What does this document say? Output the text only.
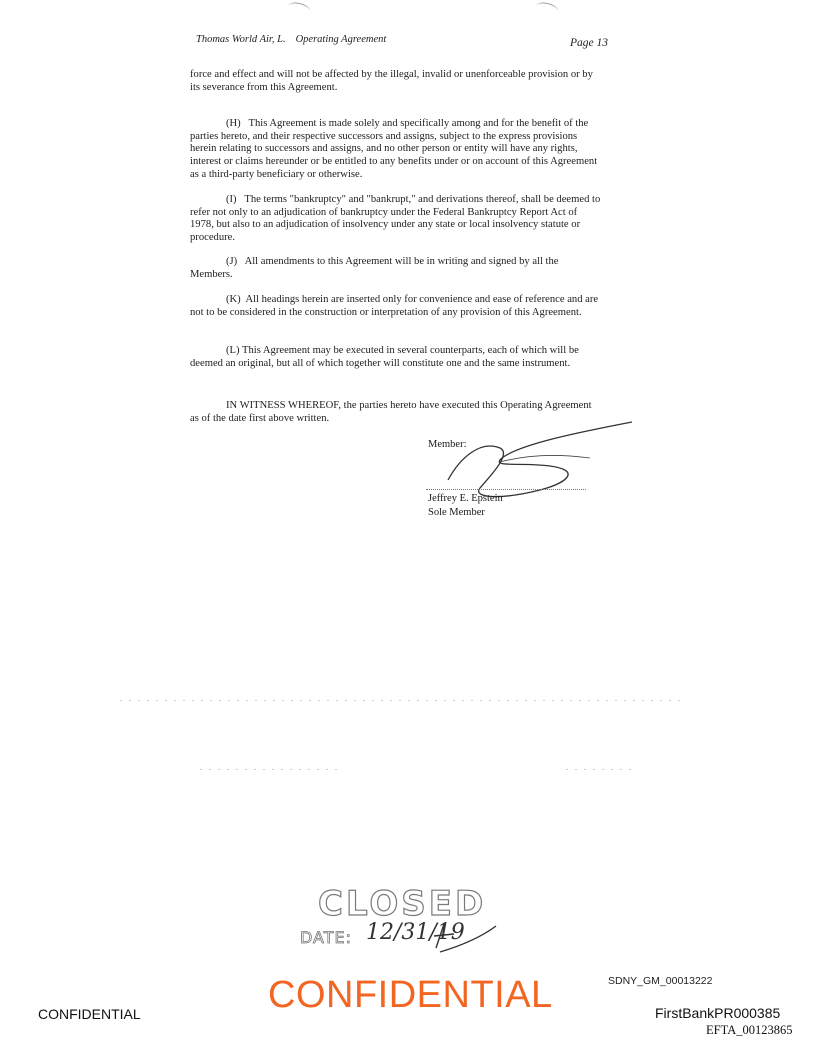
Thomas World Air, L. Operating Agreement	Page 13
force and effect and will not be affected by the illegal, invalid or unenforceable provision or by its severance from this Agreement.
(H) This Agreement is made solely and specifically among and for the benefit of the parties hereto, and their respective successors and assigns, subject to the express provisions herein relating to successors and assigns, and no other person or entity will have any rights, interest or claims hereunder or be entitled to any benefits under or on account of this Agreement as a third-party beneficiary or otherwise.
(I) The terms "bankruptcy" and "bankrupt," and derivations thereof, shall be deemed to refer not only to an adjudication of bankruptcy under the Federal Bankruptcy Report Act of 1978, but also to an adjudication of insolvency under any state or local insolvency statute or procedure.
(J) All amendments to this Agreement will be in writing and signed by all the Members.
(K) All headings herein are inserted only for convenience and ease of reference and are not to be considered in the construction or interpretation of any provision of this Agreement.
(L) This Agreement may be executed in several counterparts, each of which will be deemed an original, but all of which together will constitute one and the same instrument.
IN WITNESS WHEREOF, the parties hereto have executed this Operating Agreement as of the date first above written.
Member:
Jeffrey E. Epstein
Sole Member
CLOSED
DATE: 12/31/19
SDNY_GM_00013222
CONFIDENTIAL	CONFIDENTIAL	FirstBankPR000385
EFTA_00123865
